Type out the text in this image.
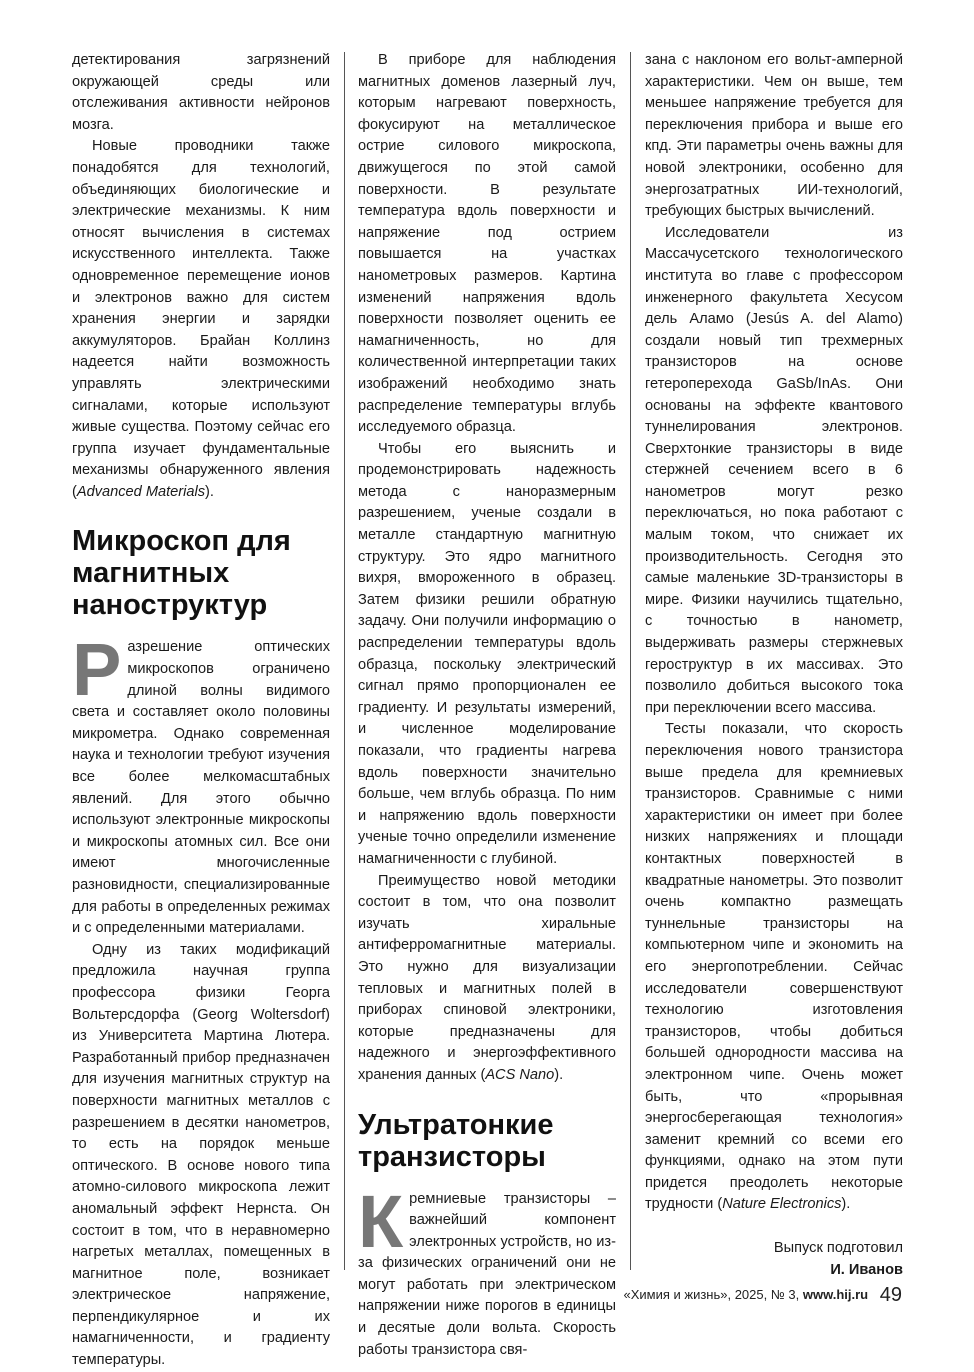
детектирования загрязнений окружающей среды или отслеживания активности нейронов мозга.

Новые проводники также понадобятся для технологий, объединяющих биологические и электрические механизмы. К ним относят вычисления в системах искусственного интеллекта. Также одновременное перемещение ионов и электронов важно для систем хранения энергии и зарядки аккумуляторов. Брайан Коллинз надеется найти возможность управлять электрическими сигналами, которые используют живые существа. Поэтому сейчас его группа изучает фундаментальные механизмы обнаруженного явления (Advanced Materials).

Микроскоп для магнитных наноструктур

Разрешение оптических микроскопов ограничено длиной волны видимого света и составляет около половины микрометра. Однако современная наука и технологии требуют изучения все более мелкомасштабных явлений. Для этого обычно используют электронные микроскопы и микроскопы атомных сил. Все они имеют многочисленные разновидности, специализированные для работы в определенных режимах и с определенными материалами.

Одну из таких модификаций предложила научная группа профессора физики Георга Вольтерсдорфа (Georg Woltersdorf) из Университета Мартина Лютера. Разработанный прибор предназначен для изучения магнитных структур на поверхности магнитных металлов с разрешением в десятки нанометров, то есть на порядок меньше оптического. В основе нового типа атомно-силового микроскопа лежит аномальный эффект Нернста. Он состоит в том, что в неравномерно нагретых металлах, помещенных в магнитное поле, возникает электрическое напряжение, перпендикулярное и их намагниченности, и градиенту температуры.

В приборе для наблюдения магнитных доменов лазерный луч, которым нагревают поверхность, фокусируют на металлическое острие силового микроскопа, движущегося по этой самой поверхности. В результате температура вдоль поверхности и напряжение под острием повышается на участках нанометровых размеров. Картина изменений напряжения вдоль поверхности позволяет оценить ее намагниченность, но для количественной интерпретации таких изображений необходимо знать распределение температуры вглубь исследуемого образца.

Чтобы его выяснить и продемонстрировать надежность метода с наноразмерным разрешением, ученые создали в металле стандартную магнитную структуру. Это ядро магнитного вихря, вмороженного в образец. Затем физики решили обратную задачу. Они получили информацию о распределении температуры вдоль образца, поскольку электрический сигнал прямо пропорционален ее градиенту. И результаты измерений, и численное моделирование показали, что градиенты нагрева вдоль поверхности значительно больше, чем вглубь образца. По ним и напряжению вдоль поверхности ученые точно определили изменение намагниченности с глубиной.

Преимущество новой методики состоит в том, что она позволит изучать хиральные антиферромагнитные материалы. Это нужно для визуализации тепловых и магнитных полей в приборах спиновой электроники, которые предназначены для надежного и энергоэффективного хранения данных (ACS Nano).

Ультратонкие транзисторы

Кремниевые транзисторы – важнейший компонент электронных устройств, но из-за физических ограничений они не могут работать при электрическом напряжении ниже порогов в единицы и десятые доли вольта. Скорость работы транзистора свя-

зана с наклоном его вольт-амперной характеристики. Чем он выше, тем меньшее напряжение требуется для переключения прибора и выше его кпд. Эти параметры очень важны для новой электроники, особенно для энергозатратных ИИ-технологий, требующих быстрых вычислений.

Исследователи из Массачусетского технологического института во главе с профессором инженерного факультета Хесусом дель Аламо (Jesús A. del Alamo) создали новый тип трехмерных транзисторов на основе гетероперехода GaSb/InAs. Они основаны на эффекте квантового туннелирования электронов. Сверхтонкие транзисторы в виде стержней сечением всего в 6 нанометров могут резко переключаться, но пока работают с малым током, что снижает их производительность. Сегодня это самые маленькие 3D-транзисторы в мире. Физики научились тщательно, с точностью в нанометр, выдерживать размеры стержневых героструктур в их массивах. Это позволило добиться высокого тока при переключении всего массива.

Тесты показали, что скорость переключения нового транзистора выше предела для кремниевых транзисторов. Сравнимые с ними характеристики он имеет при более низких напряжениях и площади контактных поверхностей в квадратные нанометры. Это позволит очень компактно размещать туннельные транзисторы на компьютерном чипе и экономить на его энергопотреблении. Сейчас исследователи совершенствуют технологию изготовления транзисторов, чтобы добиться большей однородности массива на электронном чипе. Очень может быть, что «прорывная энергосберегающая технология» заменит кремний со всеми его функциями, однако на этом пути придется преодолеть некоторые трудности (Nature Electronics).

Выпуск подготовил
И. Иванов
«Химия и жизнь», 2025, № 3, www.hij.ru 49
